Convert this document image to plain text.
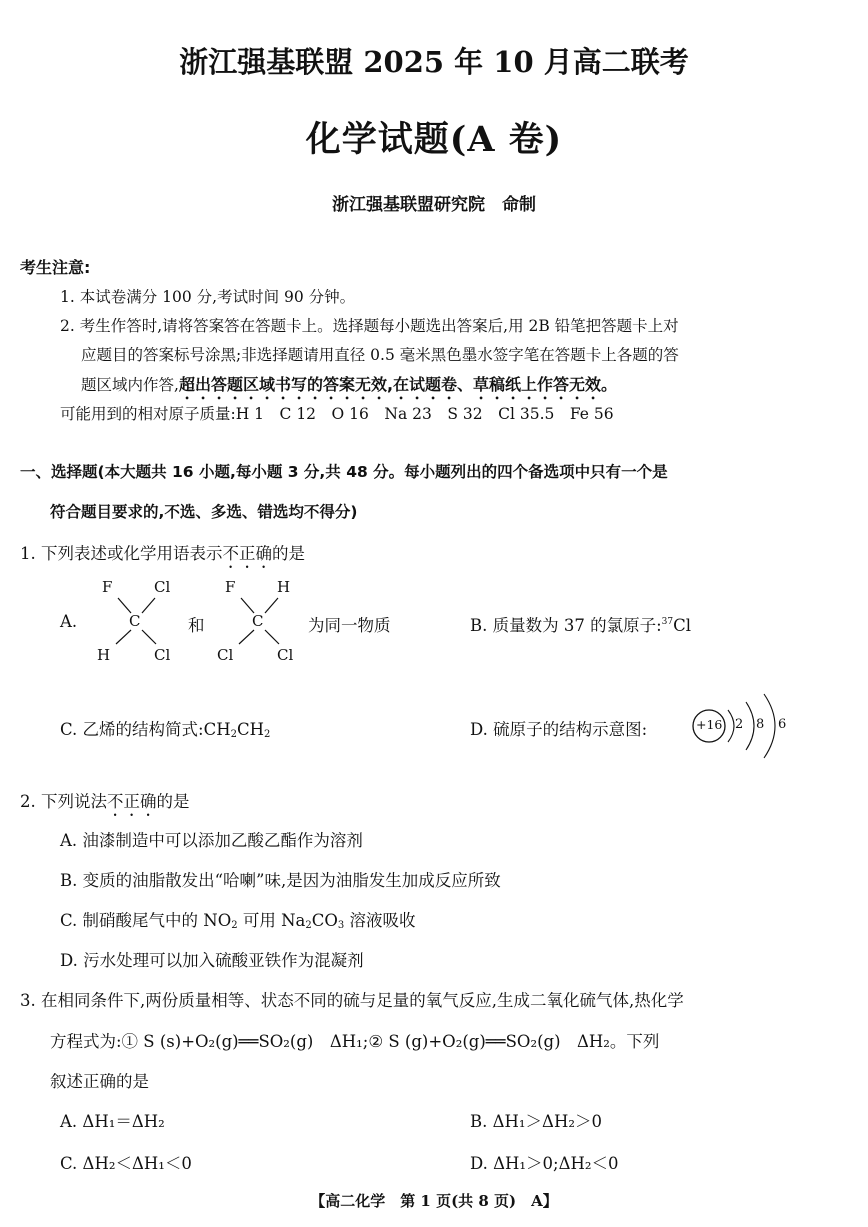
浙江强基联盟 2025 年 10 月高二联考
化学试题(A 卷)
浙江强基联盟研究院　命制
考生注意:
1. 本试卷满分 100 分,考试时间 90 分钟。
2. 考生作答时,请将答案答在答题卡上。选择题每小题选出答案后,用 2B 铅笔把答题卡上对
应题目的答案标号涂黑;非选择题请用直径 0.5 毫米黑色墨水签字笔在答题卡上各题的答
题区域内作答,超出答题区域书写的答案无效,在试题卷、草稿纸上作答无效。
可能用到的相对原子质量:H 1　C 12　O 16　Na 23　S 32　Cl 35.5　Fe 56
一、选择题(本大题共 16 小题,每小题 3 分,共 48 分。每小题列出的四个备选项中只有一个是
符合题目要求的,不选、多选、错选均不得分)
1. 下列表述或化学用语表示不正确的是
A.
F	Cl
C
H	Cl
和
F	H
C
Cl	Cl
为同一物质	B. 质量数为 37 的氯原子:$^{37}$Cl
C. 乙烯的结构简式$:CH_2CH_2$	D. 硫原子的结构示意图:	+16 2 8 6
2. 下列说法不正确的是
A. 油漆制造中可以添加乙酸乙酯作为溶剂
B. 变质的油脂散发出“哈喇”味,是因为油脂发生加成反应所致
C. 制硝酸尾气中的 $NO_2$ 可用 $Na_2CO_3$ 溶液吸收
D. 污水处理可以加入硫酸亚铁作为混凝剂
3. 在相同条件下,两份质量相等、状态不同的硫与足量的氧气反应,生成二氧化硫气体,热化学
方程式为:① S (s)+O₂(g)══SO₂(g)　ΔH₁;② S (g)+O₂(g)══SO₂(g)　ΔH₂。下列
叙述正确的是
A. ΔH₁＝ΔH₂	B. ΔH₁＞ΔH₂＞0
C. ΔH₂＜ΔH₁＜0	D. ΔH₁＞0;ΔH₂＜0
【高二化学　第 1 页(共 8 页)　A】
